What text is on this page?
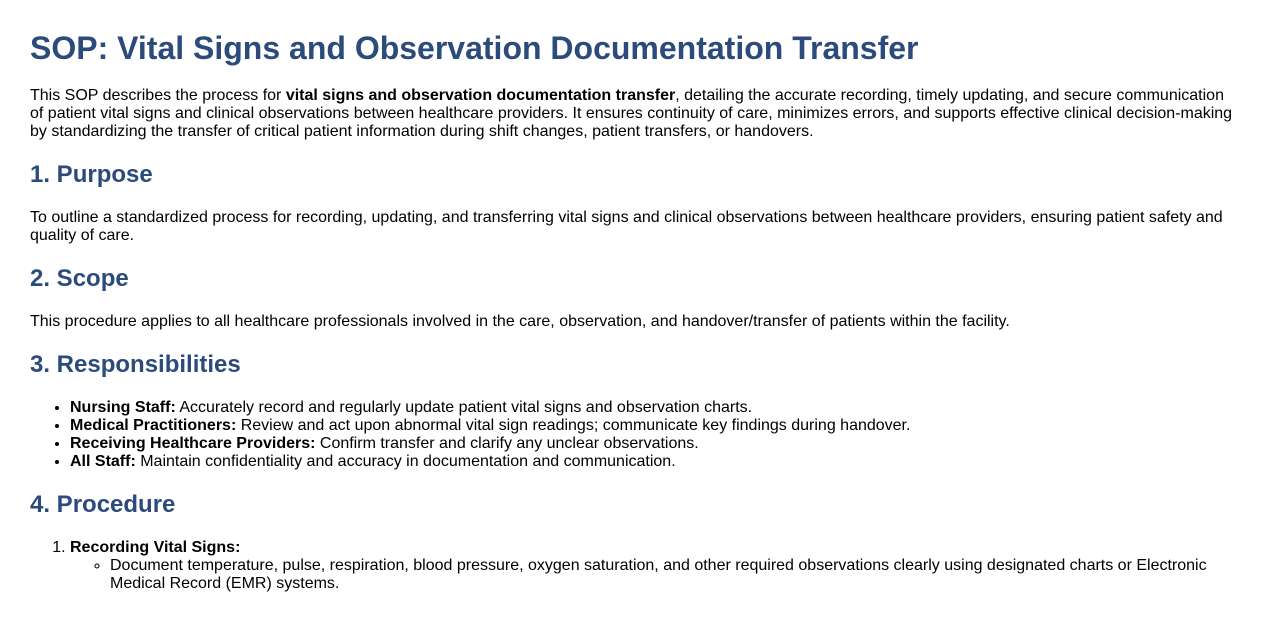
SOP: Vital Signs and Observation Documentation Transfer

This SOP describes the process for vital signs and observation documentation transfer, detailing the accurate recording, timely updating, and secure communication of patient vital signs and clinical observations between healthcare providers. It ensures continuity of care, minimizes errors, and supports effective clinical decision-making by standardizing the transfer of critical patient information during shift changes, patient transfers, or handovers.

1. Purpose

To outline a standardized process for recording, updating, and transferring vital signs and clinical observations between healthcare providers, ensuring patient safety and quality of care.

2. Scope

This procedure applies to all healthcare professionals involved in the care, observation, and handover/transfer of patients within the facility.

3. Responsibilities
• Nursing Staff: Accurately record and regularly update patient vital signs and observation charts.
• Medical Practitioners: Review and act upon abnormal vital sign readings; communicate key findings during handover.
• Receiving Healthcare Providers: Confirm transfer and clarify any unclear observations.
• All Staff: Maintain confidentiality and accuracy in documentation and communication.
4. Procedure
1. Recording Vital Signs:
◦ Document temperature, pulse, respiration, blood pressure, oxygen saturation, and other required observations clearly using designated charts or Electronic Medical Record (EMR) systems.
